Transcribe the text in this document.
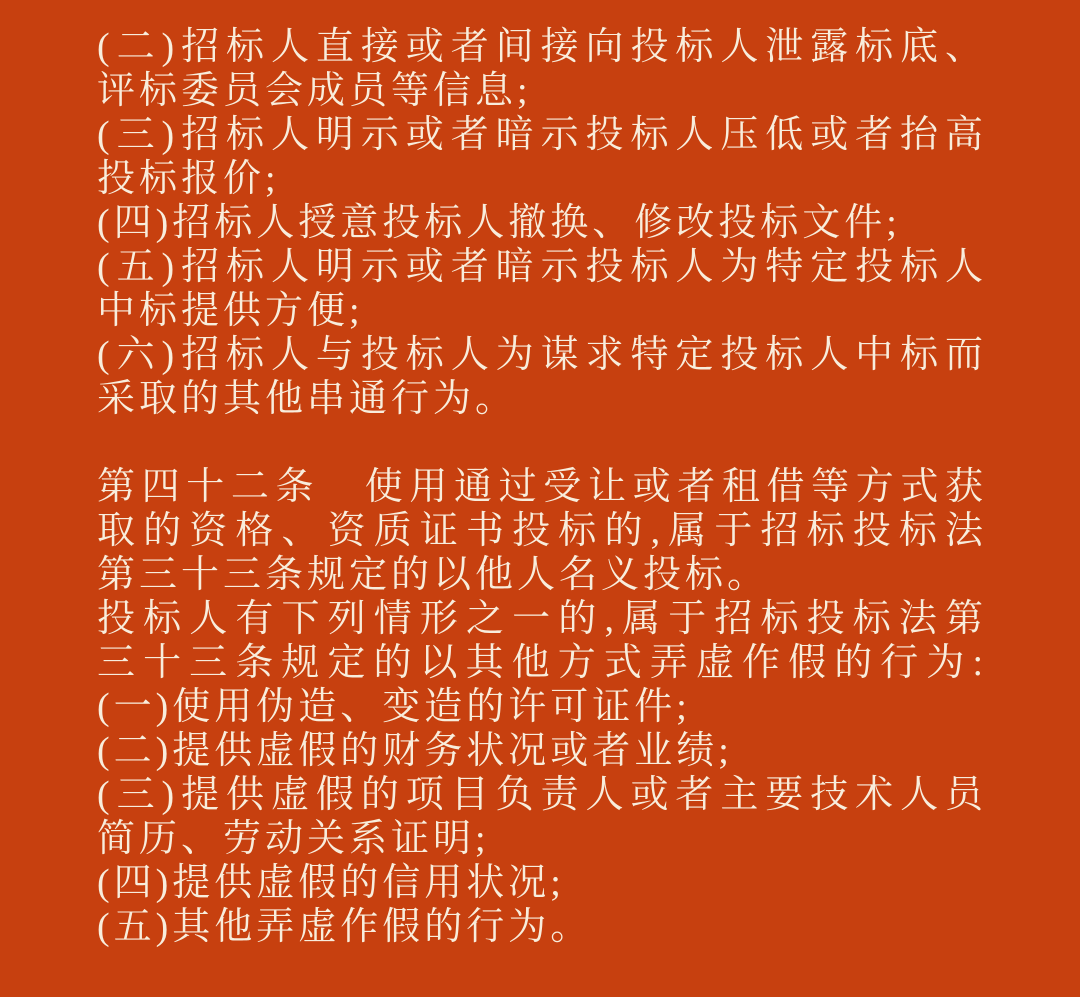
(二)招标人直接或者间接向投标人泄露标底、
评标委员会成员等信息;
(三)招标人明示或者暗示投标人压低或者抬高
投标报价;
(四)招标人授意投标人撤换、修改投标文件;
(五)招标人明示或者暗示投标人为特定投标人
中标提供方便;
(六)招标人与投标人为谋求特定投标人中标而
采取的其他串通行为。
第四十二条　使用通过受让或者租借等方式获
取的资格、资质证书投标的,属于招标投标法
第三十三条规定的以他人名义投标。
投标人有下列情形之一的,属于招标投标法第
三十三条规定的以其他方式弄虚作假的行为:
(一)使用伪造、变造的许可证件;
(二)提供虚假的财务状况或者业绩;
(三)提供虚假的项目负责人或者主要技术人员
简历、劳动关系证明;
(四)提供虚假的信用状况;
(五)其他弄虚作假的行为。
